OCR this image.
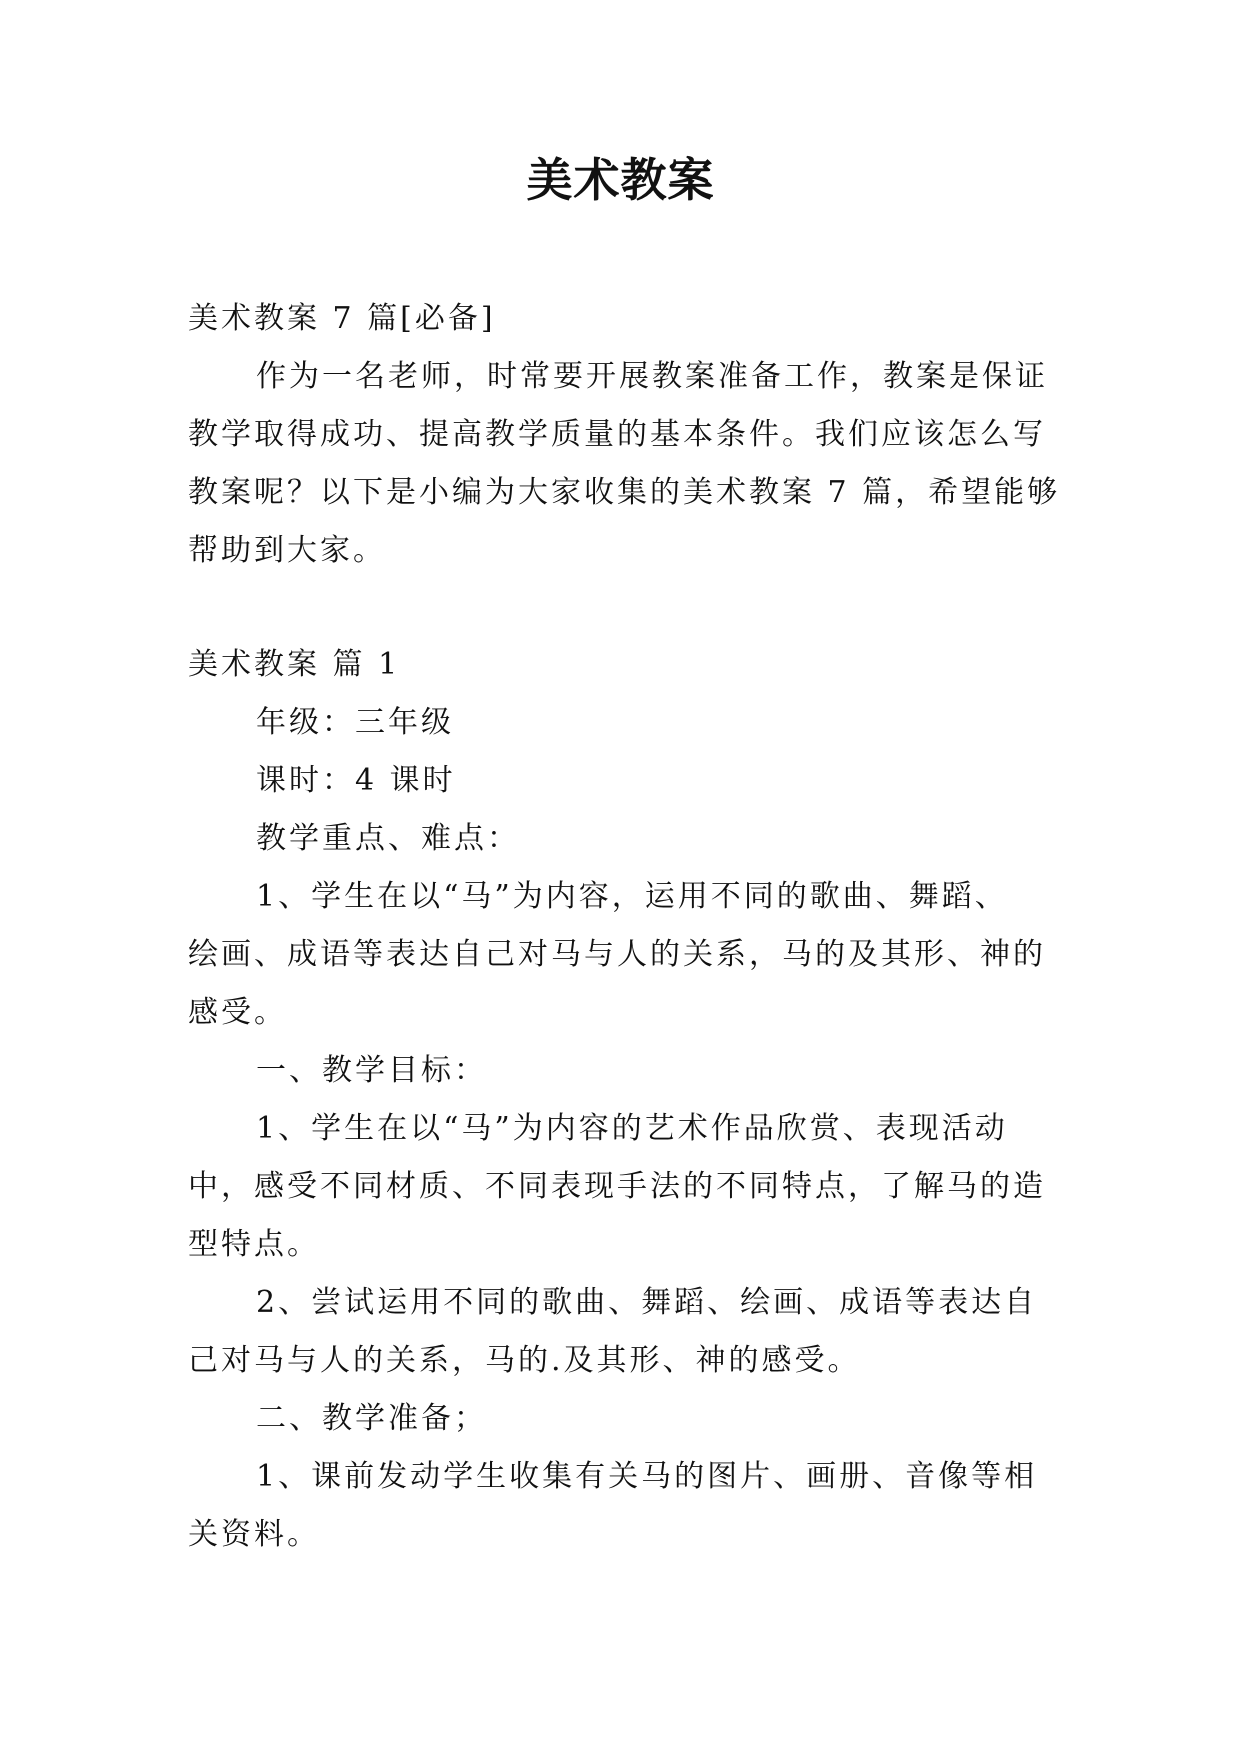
美术教案

美术教案 7 篇[必备]

作为一名老师，时常要开展教案准备工作，教案是保证

教学取得成功、提高教学质量的基本条件。我们应该怎么写

教案呢？以下是小编为大家收集的美术教案 7 篇，希望能够

帮助到大家。

美术教案 篇 1

年级：三年级

课时：4 课时

教学重点、难点：

1、学生在以“马”为内容，运用不同的歌曲、舞蹈、

绘画、成语等表达自己对马与人的关系，马的及其形、神的

感受。

一、教学目标：

1、学生在以“马”为内容的艺术作品欣赏、表现活动

中，感受不同材质、不同表现手法的不同特点，了解马的造

型特点。

2、尝试运用不同的歌曲、舞蹈、绘画、成语等表达自

己对马与人的关系，马的.及其形、神的感受。

二、教学准备；

1、课前发动学生收集有关马的图片、画册、音像等相

关资料。
